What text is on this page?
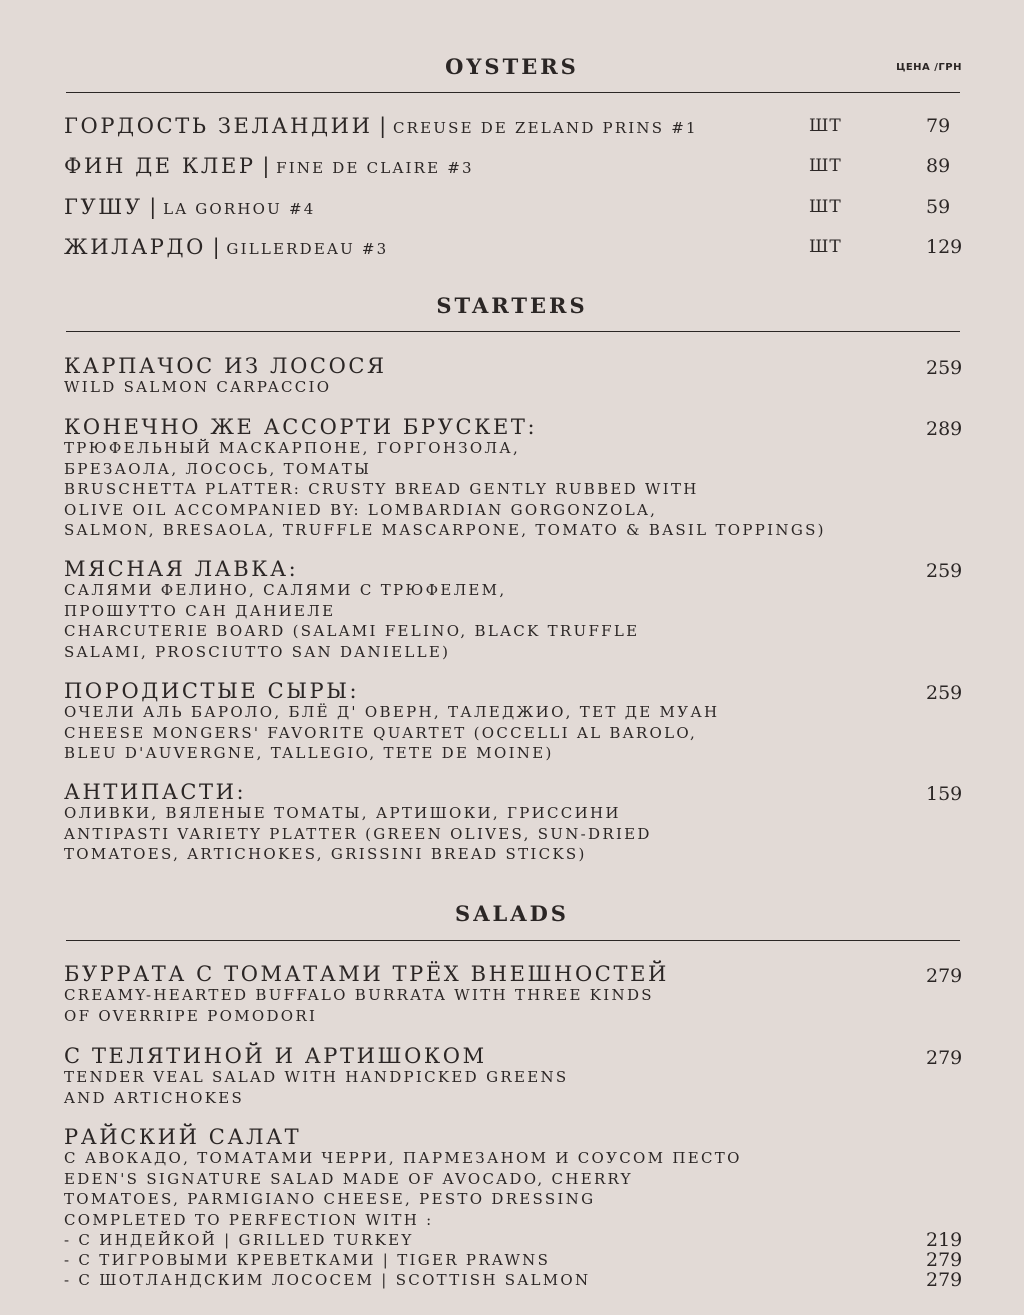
OYSTERS	ЦЕНА /ГРН
ГОРДОСТЬ ЗЕЛАНДИИ | CREUSE DE ZELAND PRINS #1	ШТ	79
ФИН ДЕ КЛЕР | FINE DE CLAIRE #3	ШТ	89
ГУШУ | LA GORHOU #4	ШТ	59
ЖИЛАРДО | GILLERDEAU #3	ШТ	129
STARTERS
КАРПАЧОС ИЗ ЛОСОСЯ
WILD SALMON CARPACCIO
259
КОНЕЧНО ЖЕ АССОРТИ БРУСКЕТ:
ТРЮФЕЛЬНЫЙ МАСКАРПОНЕ, ГОРГОНЗОЛА,
БРЕЗАОЛА, ЛОСОСЬ, ТОМАТЫ
BRUSCHETTA PLATTER: CRUSTY BREAD GENTLY RUBBED WITH
OLIVE OIL ACCOMPANIED BY: LOMBARDIAN GORGONZOLA,
SALMON, BRESAOLA, TRUFFLE MASCARPONE, TOMATO & BASIL TOPPINGS)
289
МЯСНАЯ ЛАВКА:
САЛЯМИ ФЕЛИНО, САЛЯМИ С ТРЮФЕЛЕМ,
ПРОШУТТО САН ДАНИЕЛЕ
CHARCUTERIE BOARD (SALAMI FELINO, BLACK TRUFFLE
SALAMI, PROSCIUTTO SAN DANIELLE)
259
ПОРОДИСТЫЕ СЫРЫ:
ОЧЕЛИ АЛЬ БАРОЛО, БЛЁ Д' ОВЕРН, ТАЛЕДЖИО, ТЕТ ДЕ МУАН
CHEESE MONGERS' FAVORITE QUARTET (OCCELLI AL BAROLO,
BLEU D'AUVERGNE, TALLEGIO, TETE DE MOINE)
259
АНТИПАСТИ:
ОЛИВКИ, ВЯЛЕНЫЕ ТОМАТЫ, АРТИШОКИ, ГРИССИНИ
ANTIPASTI VARIETY PLATTER (GREEN OLIVES, SUN-DRIED
TOMATOES, ARTICHOKES, GRISSINI BREAD STICKS)
159
SALADS
БУРРАТА С ТОМАТАМИ ТРЁХ ВНЕШНОСТЕЙ
CREAMY-HEARTED BUFFALO BURRATA WITH THREE KINDS
OF OVERRIPE POMODORI
279
С ТЕЛЯТИНОЙ И АРТИШОКОМ
TENDER VEAL SALAD WITH HANDPICKED GREENS
AND ARTICHOKES
279
РАЙСКИЙ САЛАТ
С АВОКАДО, ТОМАТАМИ ЧЕРРИ, ПАРМЕЗАНОМ И СОУСОМ ПЕСТО
EDEN'S SIGNATURE SALAD MADE OF AVOCADO, CHERRY
TOMATOES, PARMIGIANO CHEESE, PESTO DRESSING
COMPLETED TO PERFECTION WITH :
- С ИНДЕЙКОЙ | GRILLED TURKEY	219
- С ТИГРОВЫМИ КРЕВЕТКАМИ | TIGER PRAWNS	279
- С ШОТЛАНДСКИМ ЛОСОСЕМ | SCOTTISH SALMON	279
